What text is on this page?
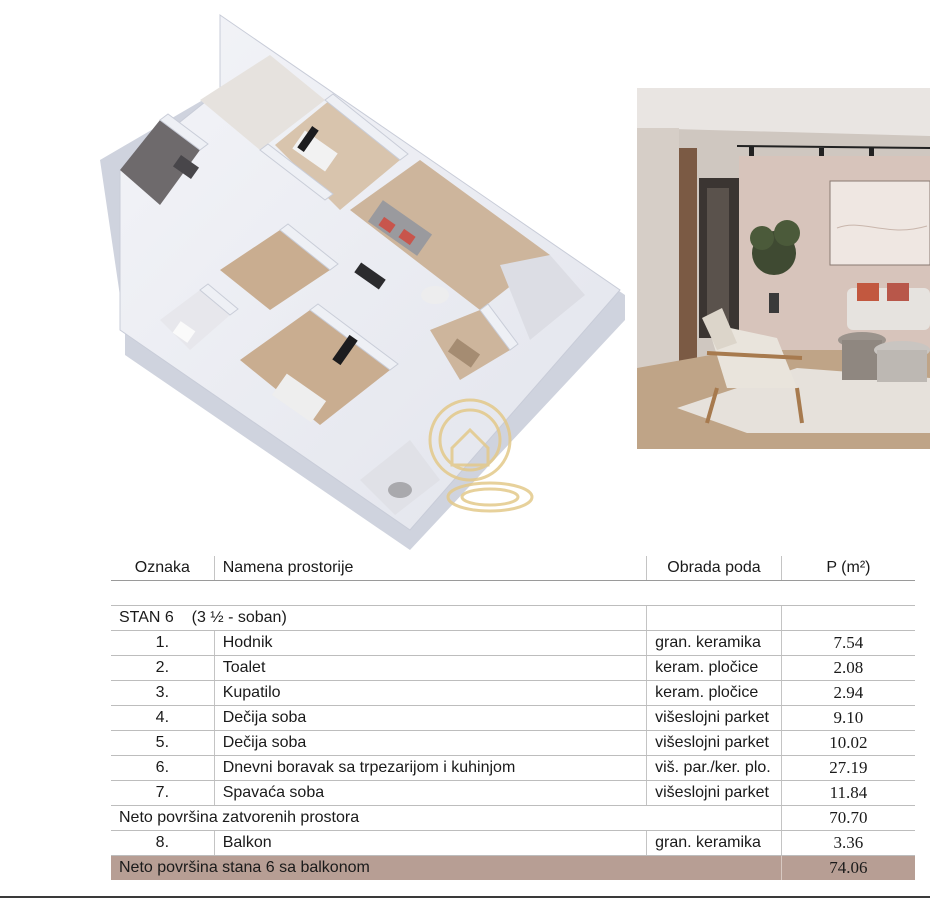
Oznaka	Namena prostorije	Obrada poda	P (m²)

STAN 6    (3 ½ - soban)			
1.	Hodnik	gran. keramika	7.54
2.	Toalet	keram. pločice	2.08
3.	Kupatilo	keram. pločice	2.94
4.	Dečija soba	višeslojni parket	9.10
5.	Dečija soba	višeslojni parket	10.02
6.	Dnevni boravak sa trpezarijom i kuhinjom	viš. par./ker. plo.	27.19
7.	Spavaća soba	višeslojni parket	11.84
Neto površina zatvorenih prostora			70.70
8.	Balkon	gran. keramika	3.36
Neto površina stana 6 sa balkonom			74.06
